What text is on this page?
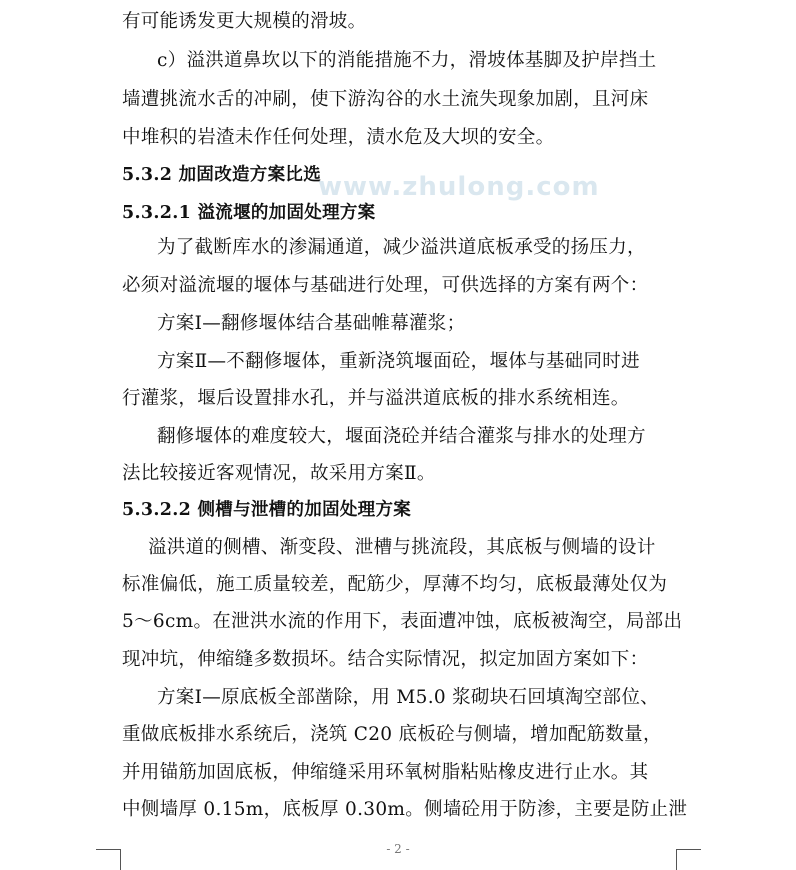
www.zhulong.com
- 2 -
有可能诱发更大规模的滑坡。
c）溢洪道鼻坎以下的消能措施不力，滑坡体基脚及护岸挡土
墙遭挑流水舌的冲刷，使下游沟谷的水土流失现象加剧，且河床
中堆积的岩渣未作任何处理，渍水危及大坝的安全。
5.3.2 加固改造方案比选
5.3.2.1 溢流堰的加固处理方案
为了截断库水的渗漏通道，减少溢洪道底板承受的扬压力，
必须对溢流堰的堰体与基础进行处理，可供选择的方案有两个：
方案Ⅰ—翻修堰体结合基础帷幕灌浆；
方案Ⅱ—不翻修堰体，重新浇筑堰面砼，堰体与基础同时进
行灌浆，堰后设置排水孔，并与溢洪道底板的排水系统相连。
翻修堰体的难度较大，堰面浇砼并结合灌浆与排水的处理方
法比较接近客观情况，故采用方案Ⅱ。
5.3.2.2 侧槽与泄槽的加固处理方案
溢洪道的侧槽、渐变段、泄槽与挑流段，其底板与侧墙的设计
标准偏低，施工质量较差，配筋少，厚薄不均匀，底板最薄处仅为
5～6cm。在泄洪水流的作用下，表面遭冲蚀，底板被淘空，局部出
现冲坑，伸缩缝多数损坏。结合实际情况，拟定加固方案如下：
方案Ⅰ—原底板全部凿除，用 M5.0 浆砌块石回填淘空部位、
重做底板排水系统后，浇筑 C20 底板砼与侧墙，增加配筋数量，
并用锚筋加固底板，伸缩缝采用环氧树脂粘贴橡皮进行止水。其
中侧墙厚 0.15m，底板厚 0.30m。侧墙砼用于防渗，主要是防止泄
